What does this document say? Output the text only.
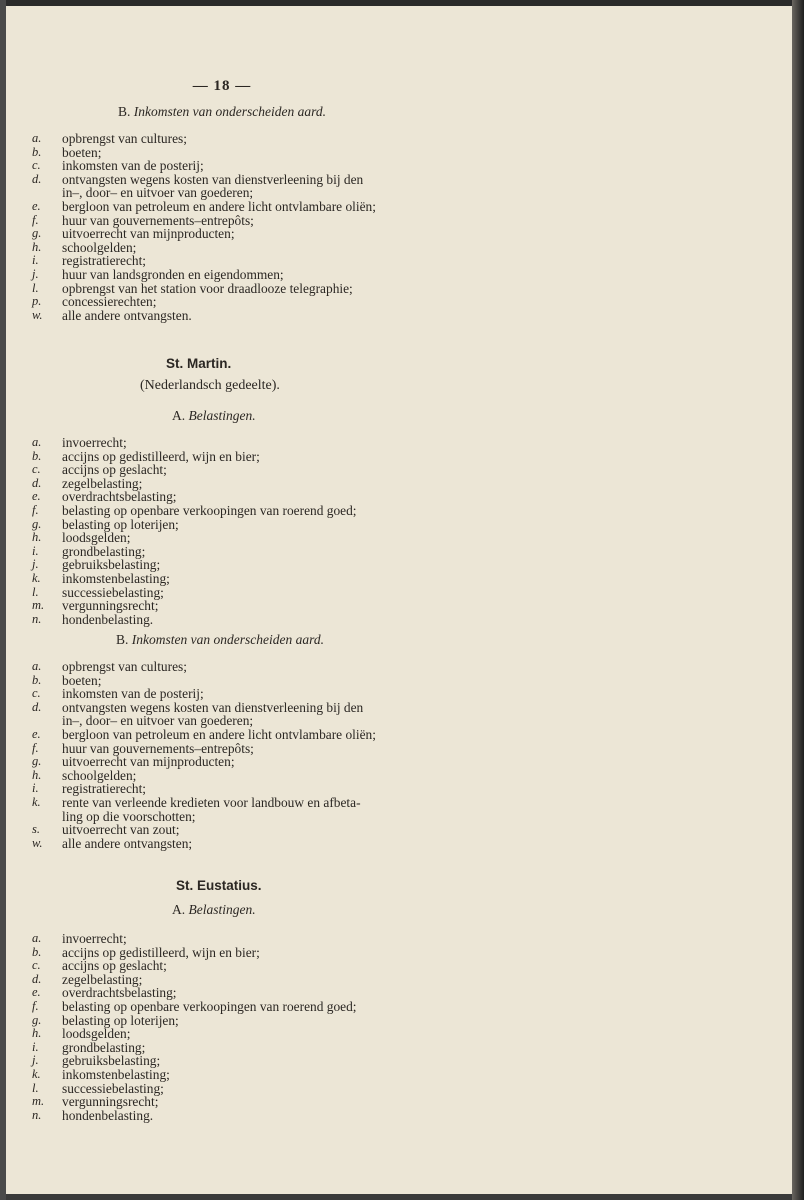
— 18 —
B. Inkomsten van onderscheiden aard.
a. opbrengst van cultures;
b. boeten;
c. inkomsten van de posterij;
d. ontvangsten wegens kosten van dienstverleening bij den
in–, door– en uitvoer van goederen;
e. bergloon van petroleum en andere licht ontvlambare oliën;
f. huur van gouvernements–entrepôts;
g. uitvoerrecht van mijnproducten;
h. schoolgelden;
i. registratierecht;
j. huur van landsgronden en eigendommen;
l. opbrengst van het station voor draadlooze telegraphie;
p. concessierechten;
w. alle andere ontvangsten.
St. Martin.
(Nederlandsch gedeelte).
A. Belastingen.
a. invoerrecht;
b. accijns op gedistilleerd, wijn en bier;
c. accijns op geslacht;
d. zegelbelasting;
e. overdrachtsbelasting;
f. belasting op openbare verkoopingen van roerend goed;
g. belasting op loterijen;
h. loodsgelden;
i. grondbelasting;
j. gebruiksbelasting;
k. inkomstenbelasting;
l. successiebelasting;
m. vergunningsrecht;
n. hondenbelasting.
B. Inkomsten van onderscheiden aard.
a. opbrengst van cultures;
b. boeten;
c. inkomsten van de posterij;
d. ontvangsten wegens kosten van dienstverleening bij den
in–, door– en uitvoer van goederen;
e. bergloon van petroleum en andere licht ontvlambare oliën;
f. huur van gouvernements–entrepôts;
g. uitvoerrecht van mijnproducten;
h. schoolgelden;
i. registratierecht;
k. rente van verleende kredieten voor landbouw en afbeta-
ling op die voorschotten;
s. uitvoerrecht van zout;
w. alle andere ontvangsten;
St. Eustatius.
A. Belastingen.
a. invoerrecht;
b. accijns op gedistilleerd, wijn en bier;
c. accijns op geslacht;
d. zegelbelasting;
e. overdrachtsbelasting;
f. belasting op openbare verkoopingen van roerend goed;
g. belasting op loterijen;
h. loodsgelden;
i. grondbelasting;
j. gebruiksbelasting;
k. inkomstenbelasting;
l. successiebelasting;
m. vergunningsrecht;
n. hondenbelasting.
